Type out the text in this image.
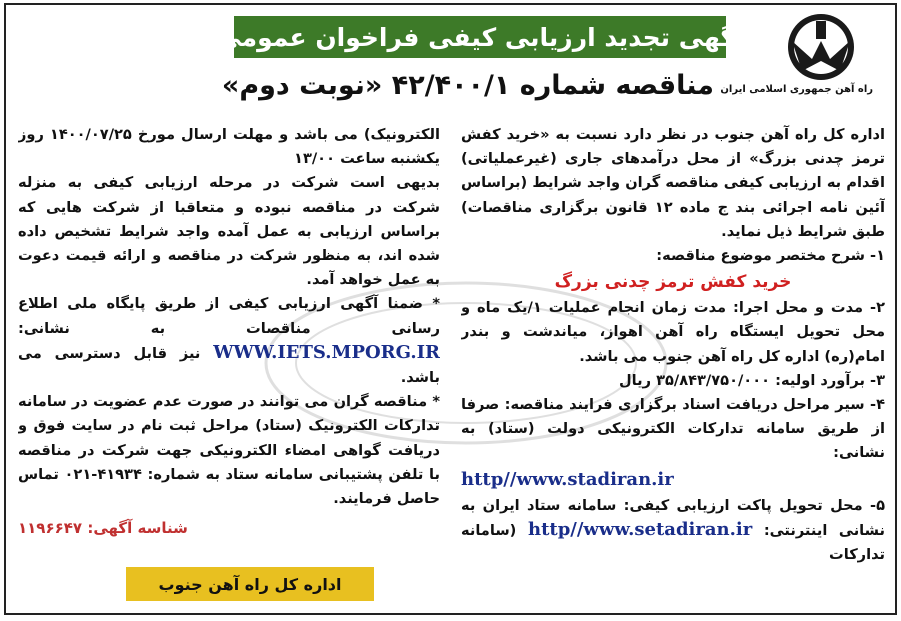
راه آهن جمهوری اسلامی ایران
آگهی تجدید ارزیابی کیفی فراخوان عمومی
مناقصه شماره ۴۲/۴۰۰/۱ «نوبت دوم»

اداره کل راه آهن جنوب در نظر دارد نسبت به «خرید کفش ترمز چدنی بزرگ» از محل درآمدهای جاری (غیرعملیاتی) اقدام به ارزیابی کیفی مناقصه گران واجد شرایط (براساس آئین نامه اجرائی بند ج ماده ۱۲ قانون برگزاری مناقصات) طبق شرایط ذیل نماید.

۱- شرح مختصر موضوع مناقصه:

خرید کفش ترمز چدنی بزرگ

۲- مدت و محل اجرا: مدت زمان انجام عملیات ۱/یک ماه و محل تحویل ایستگاه راه آهن اهواز، میاندشت و بندر امام(ره) اداره کل راه آهن جنوب می باشد.

۳- برآورد اولیه: ۳۵/۸۴۳/۷۵۰/۰۰۰ ریال

۴- سیر مراحل دریافت اسناد برگزاری فرایند مناقصه: صرفا از طریق سامانه تدارکات الکترونیکی دولت (ستاد) به نشانی:

http//www.stadiran.ir

۵- محل تحویل پاکت ارزیابی کیفی: سامانه ستاد ایران به نشانی اینترنتی: http//www.setadiran.ir (سامانه تدارکات

الکترونیک) می باشد و مهلت ارسال مورخ ۱۴۰۰/۰۷/۲۵ روز یکشنبه ساعت ۱۳/۰۰

بدیهی است شرکت در مرحله ارزیابی کیفی به منزله شرکت در مناقصه نبوده و متعاقبا از شرکت هایی که براساس ارزیابی به عمل آمده واجد شرایط تشخیص داده شده اند، به منظور شرکت در مناقصه و ارائه قیمت دعوت به عمل خواهد آمد.

* ضمنا آگهی ارزیابی کیفی از طریق پایگاه ملی اطلاع رسانی مناقصات به نشانی: WWW.IETS.MPORG.IR نیز قابل دسترسی می باشد.

* مناقصه گران می توانند در صورت عدم عضویت در سامانه تدارکات الکترونیک (ستاد) مراحل ثبت نام در سایت فوق و دریافت گواهی امضاء الکترونیکی جهت شرکت در مناقصه با تلفن پشتیبانی سامانه ستاد به شماره: ۴۱۹۳۴-۰۲۱ تماس حاصل فرمایند.

شناسه آگهی: ۱۱۹۶۶۴۷

اداره کل راه آهن جنوب
